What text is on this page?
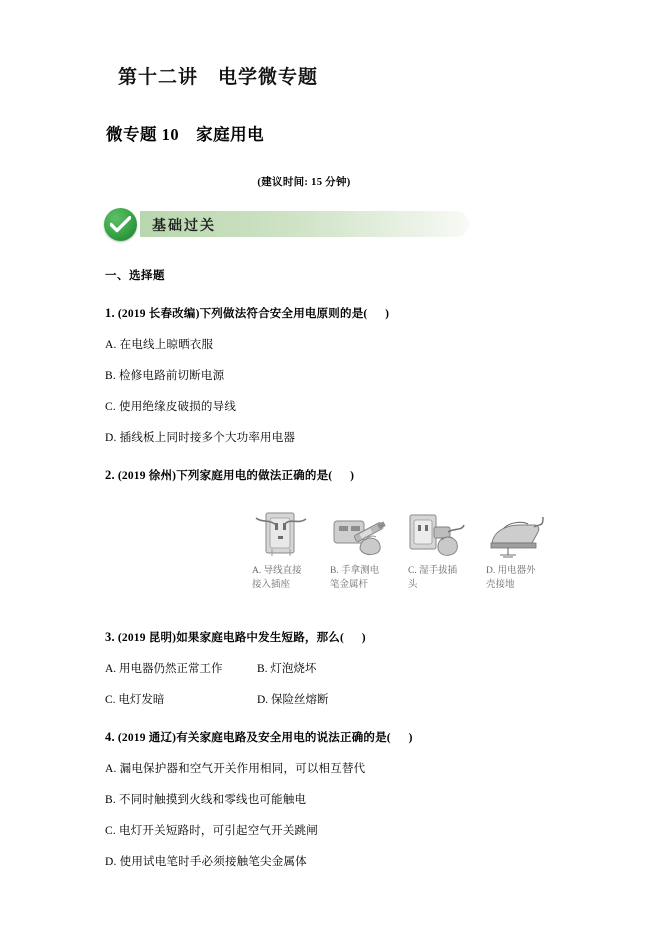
第十二讲　电学微专题
微专题 10　家庭用电
(建议时间: 15 分钟)
基础过关
一、选择题
1. (2019 长春改编)下列做法符合安全用电原则的是( )
A. 在电线上晾晒衣服
B. 检修电路前切断电源
C. 使用绝缘皮破损的导线
D. 插线板上同时接多个大功率用电器
2. (2019 徐州)下列家庭用电的做法正确的是( )
A. 导线直接接入插座
B. 手拿测电笔金属杆
C. 湿手拔插头
D. 用电器外壳接地
3. (2019 昆明)如果家庭电路中发生短路，那么( )
A. 用电器仍然正常工作	B. 灯泡烧坏
C. 电灯发暗	D. 保险丝熔断
4. (2019 通辽)有关家庭电路及安全用电的说法正确的是( )
A. 漏电保护器和空气开关作用相同，可以相互替代
B. 不同时触摸到火线和零线也可能触电
C. 电灯开关短路时，可引起空气开关跳闸
D. 使用试电笔时手必须接触笔尖金属体
